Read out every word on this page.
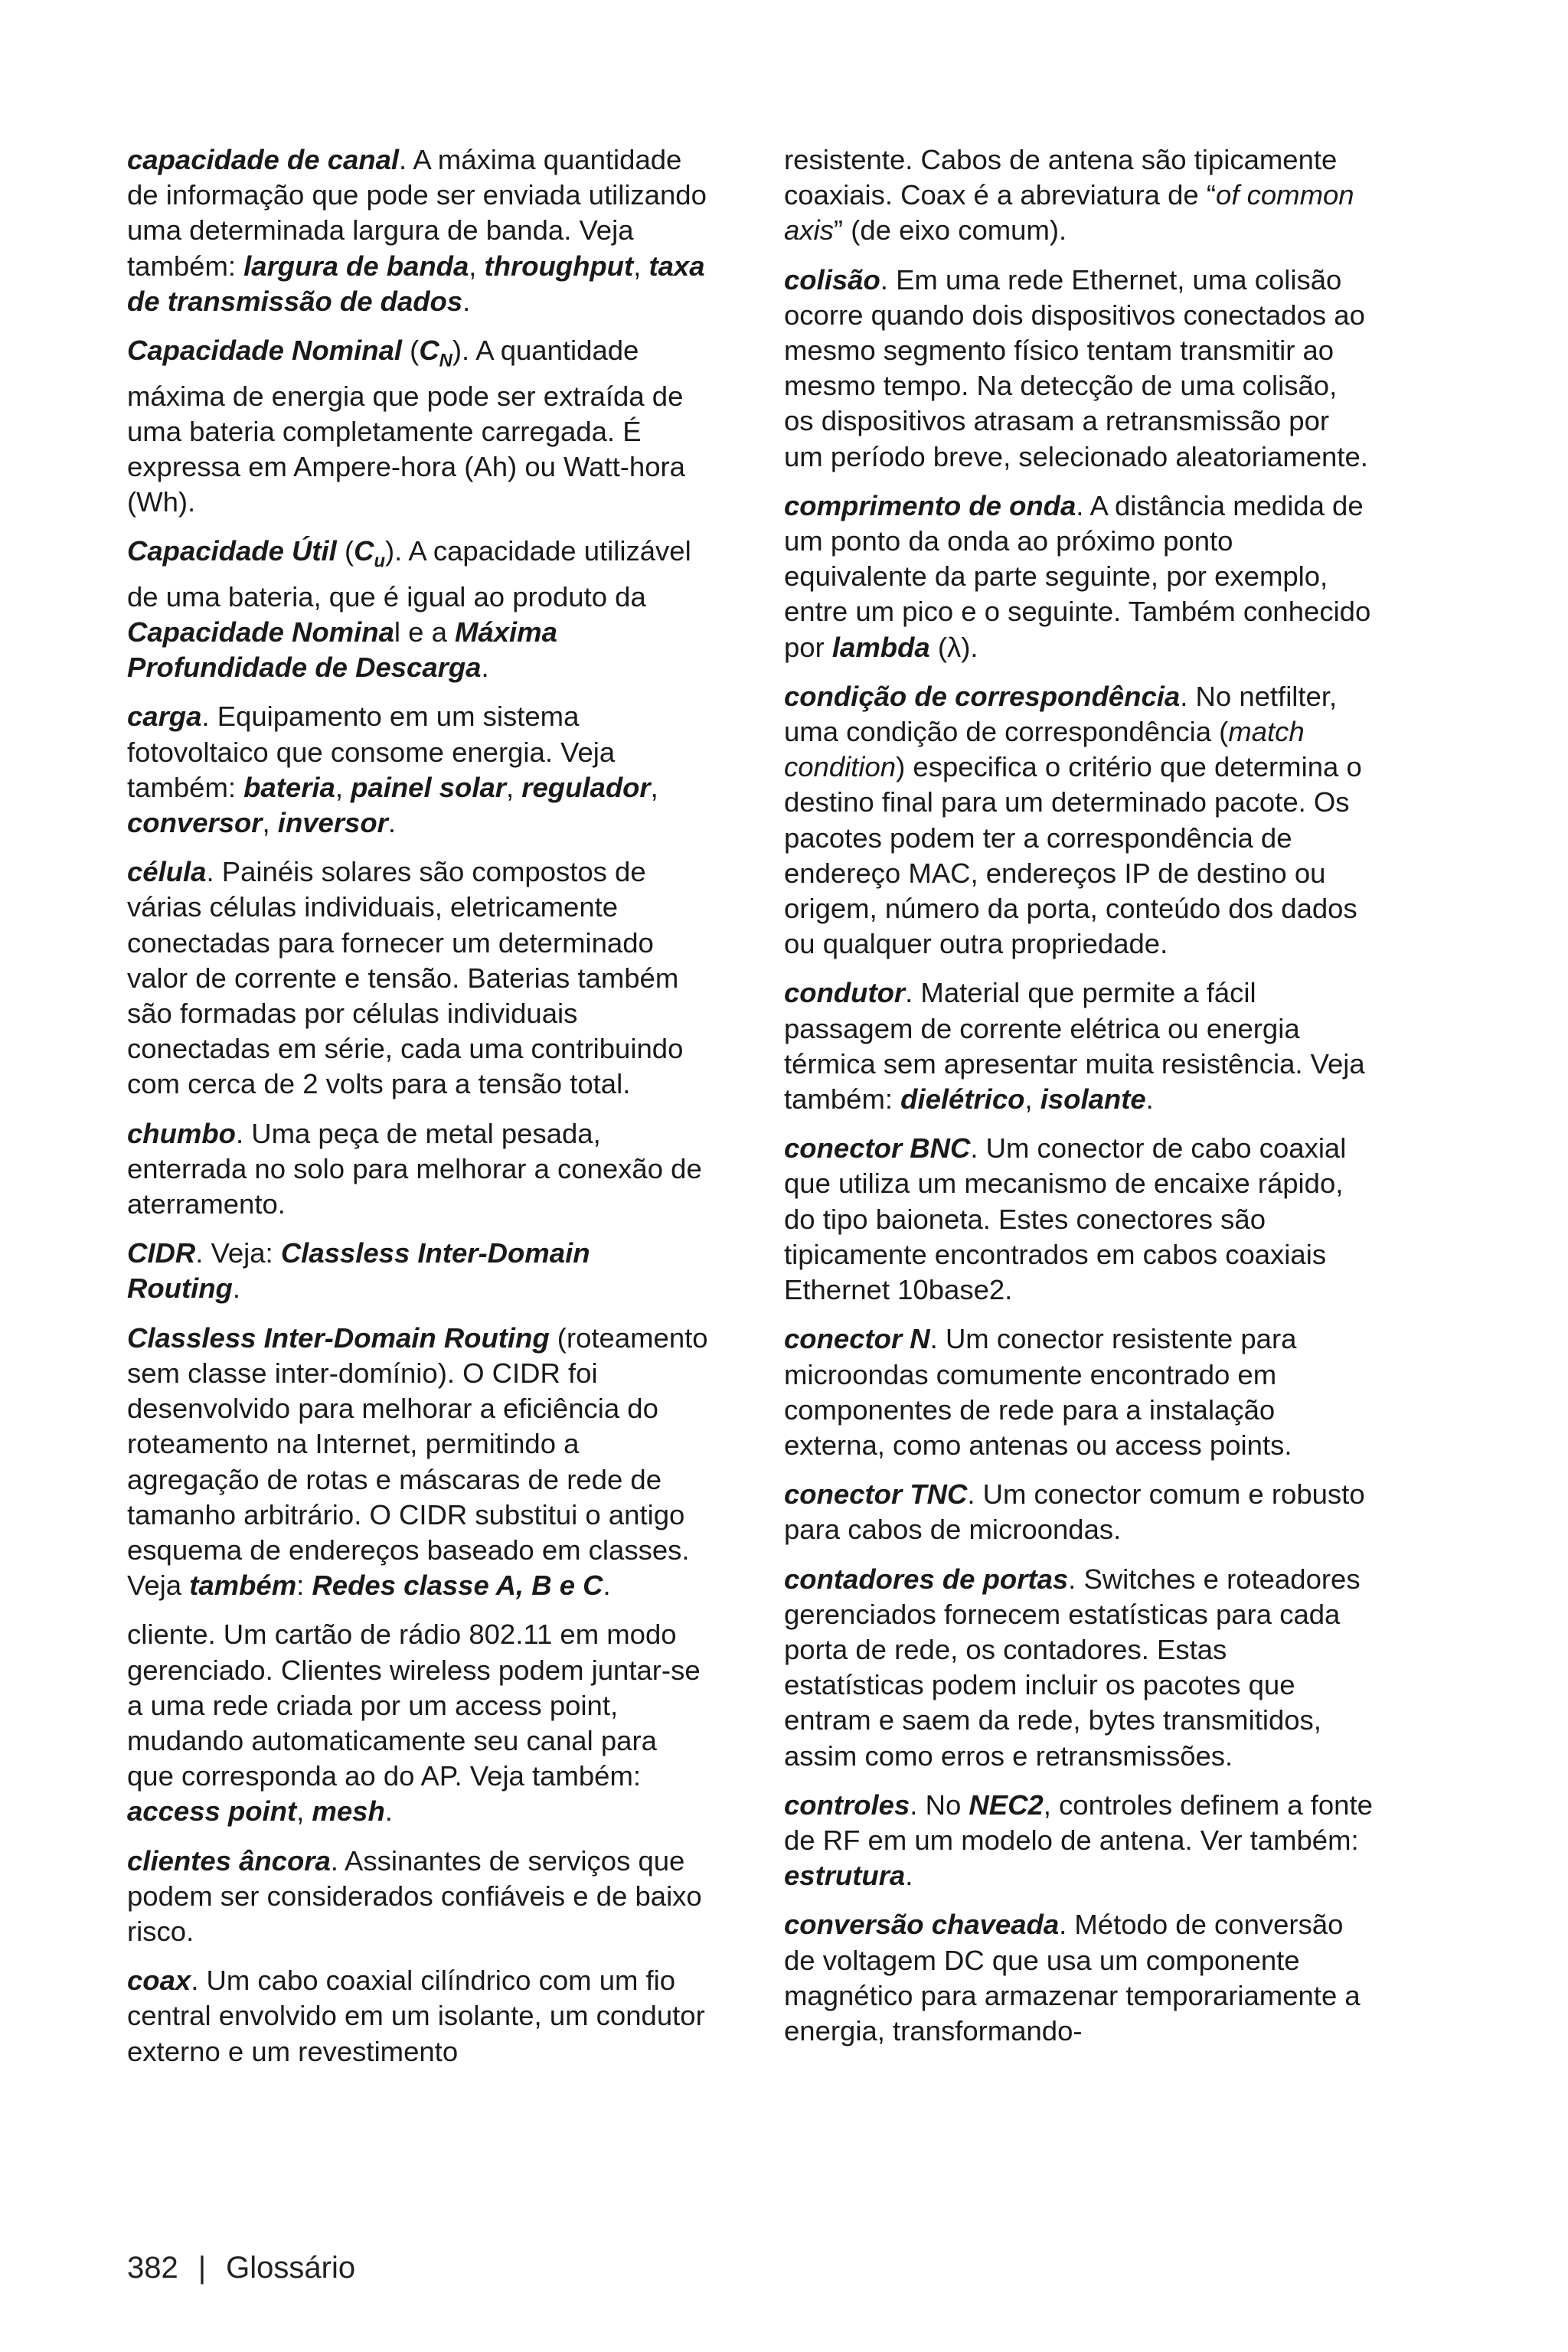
capacidade de canal. A máxima quantidade de informação que pode ser enviada utilizando uma determinada largura de banda. Veja também: largura de banda, throughput, taxa de transmissão de dados.

Capacidade Nominal $(C_N)$. A quantidade máxima de energia que pode ser extraída de uma bateria completamente carregada. É expressa em Ampere-hora (Ah) ou Watt-hora (Wh).

Capacidade Útil $(C_u)$. A capacidade utilizável de uma bateria, que é igual ao produto da Capacidade Nominal e a Máxima Profundidade de Descarga.

carga. Equipamento em um sistema fotovoltaico que consome energia. Veja também: bateria, painel solar, regulador, conversor, inversor.

célula. Painéis solares são compostos de várias células individuais, eletricamente conectadas para fornecer um determinado valor de corrente e tensão. Baterias também são formadas por células individuais conectadas em série, cada uma contribuindo com cerca de 2 volts para a tensão total.

chumbo. Uma peça de metal pesada, enterrada no solo para melhorar a conexão de aterramento.

CIDR. Veja: Classless Inter-Domain Routing.

Classless Inter-Domain Routing (roteamento sem classe inter-domínio). O CIDR foi desenvolvido para melhorar a eficiência do roteamento na Internet, permitindo a agregação de rotas e máscaras de rede de tamanho arbitrário. O CIDR substitui o antigo esquema de endereços baseado em classes. Veja também: Redes classe A, B e C.

cliente. Um cartão de rádio 802.11 em modo gerenciado. Clientes wireless podem juntar-se a uma rede criada por um access point, mudando automaticamente seu canal para que corresponda ao do AP. Veja também: access point, mesh.

clientes âncora. Assinantes de serviços que podem ser considerados confiáveis e de baixo risco.

coax. Um cabo coaxial cilíndrico com um fio central envolvido em um isolante, um condutor externo e um revestimento

resistente. Cabos de antena são tipicamente coaxiais. Coax é a abreviatura de “of common axis” (de eixo comum).

colisão. Em uma rede Ethernet, uma colisão ocorre quando dois dispositivos conectados ao mesmo segmento físico tentam transmitir ao mesmo tempo. Na detecção de uma colisão, os dispositivos atrasam a retransmissão por um período breve, selecionado aleatoriamente.

comprimento de onda. A distância medida de um ponto da onda ao próximo ponto equivalente da parte seguinte, por exemplo, entre um pico e o seguinte. Também conhecido por lambda (λ).

condição de correspondência. No netfilter, uma condição de correspondência (match condition) especifica o critério que determina o destino final para um determinado pacote. Os pacotes podem ter a correspondência de endereço MAC, endereços IP de destino ou origem, número da porta, conteúdo dos dados ou qualquer outra propriedade.

condutor. Material que permite a fácil passagem de corrente elétrica ou energia térmica sem apresentar muita resistência. Veja também: dielétrico, isolante.

conector BNC. Um conector de cabo coaxial que utiliza um mecanismo de encaixe rápido, do tipo baioneta. Estes conectores são tipicamente encontrados em cabos coaxiais Ethernet 10base2.

conector N. Um conector resistente para microondas comumente encontrado em componentes de rede para a instalação externa, como antenas ou access points.

conector TNC. Um conector comum e robusto para cabos de microondas.

contadores de portas. Switches e roteadores gerenciados fornecem estatísticas para cada porta de rede, os contadores. Estas estatísticas podem incluir os pacotes que entram e saem da rede, bytes transmitidos, assim como erros e retransmissões.

controles. No NEC2, controles definem a fonte de RF em um modelo de antena. Ver também: estrutura.

conversão chaveada. Método de conversão de voltagem DC que usa um componente magnético para armazenar temporariamente a energia, transformando-

382 | Glossário
